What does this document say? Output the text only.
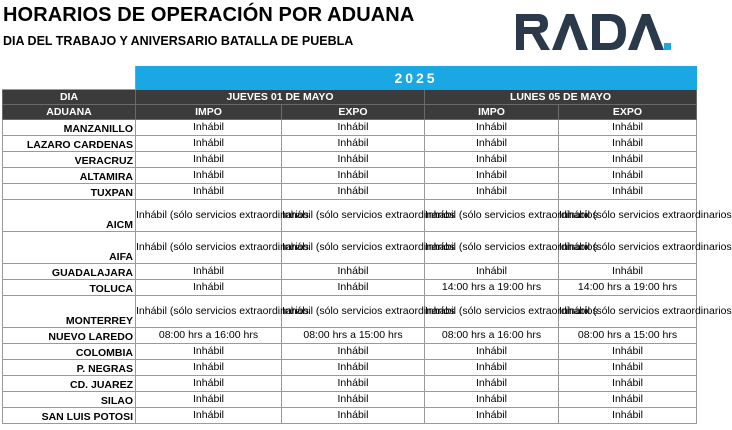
HORARIOS DE OPERACIÓN POR ADUANA
DIA DEL TRABAJO Y ANIVERSARIO BATALLA DE PUEBLA
	2025			
DIA	JUEVES 01 DE MAYO		LUNES 05 DE MAYO	
ADUANA	IMPO	EXPO	IMPO	EXPO
MANZANILLO	Inhábil	Inhábil	Inhábil	Inhábil
LAZARO CARDENAS	Inhábil	Inhábil	Inhábil	Inhábil
VERACRUZ	Inhábil	Inhábil	Inhábil	Inhábil
ALTAMIRA	Inhábil	Inhábil	Inhábil	Inhábil
TUXPAN	Inhábil	Inhábil	Inhábil	Inhábil
AICM	Inhábil (sólo servicios extraordinarios	Inhábil (sólo servicios extraordinarios	Inhábil (sólo servicios extraordinarios	Inhábil (sólo servicios extraordinarios
AIFA	Inhábil (sólo servicios extraordinarios	Inhábil (sólo servicios extraordinarios	Inhábil (sólo servicios extraordinarios	Inhábil (sólo servicios extraordinarios
GUADALAJARA	Inhábil	Inhábil	Inhábil	Inhábil
TOLUCA	Inhábil	Inhábil	14:00 hrs a 19:00 hrs	14:00 hrs a 19:00 hrs
MONTERREY	Inhábil (sólo servicios extraordinarios	Inhábil (sólo servicios extraordinarios	Inhábil (sólo servicios extraordinarios	Inhábil (sólo servicios extraordinarios
NUEVO LAREDO	08:00 hrs a 16:00 hrs	08:00 hrs a 15:00 hrs	08:00 hrs a 16:00 hrs	08:00 hrs a 15:00 hrs
COLOMBIA	Inhábil	Inhábil	Inhábil	Inhábil
P. NEGRAS	Inhábil	Inhábil	Inhábil	Inhábil
CD. JUAREZ	Inhábil	Inhábil	Inhábil	Inhábil
SILAO	Inhábil	Inhábil	Inhábil	Inhábil
SAN LUIS POTOSI	Inhábil	Inhábil	Inhábil	Inhábil
